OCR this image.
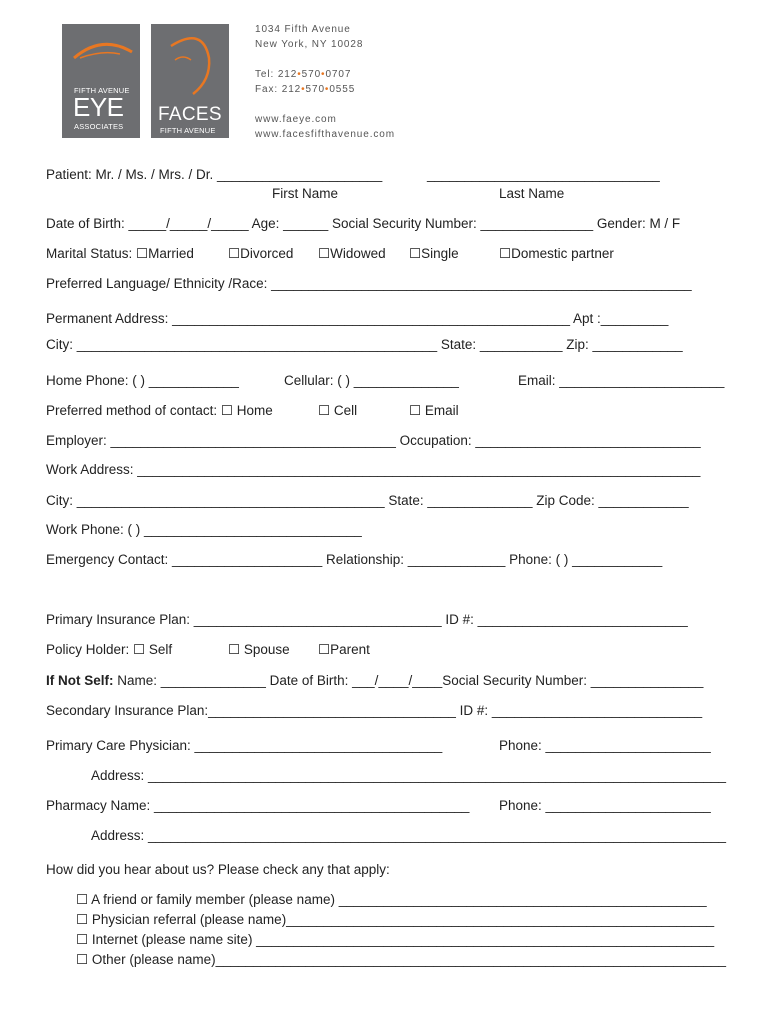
FIFTH AVENUE
EYE
ASSOCIATES
FACES
FIFTH AVENUE
1034 Fifth Avenue
New York, NY 10028
Tel: 212•570•0707
Fax: 212•570•0555
www.faeye.com
www.facesfifthavenue.com
Patient: Mr. / Ms. / Mrs. / Dr. ______________________	_______________________________
First Name	Last Name
Date of Birth: _____/_____/_____ Age: ______ Social Security Number: _______________ Gender: M / F
Marital Status: ☐Married	☐Divorced ☐Widowed ☐Single	☐Domestic partner
Preferred Language/ Ethnicity /Race: ________________________________________________________
Permanent Address: _____________________________________________________ Apt :_________
City: ________________________________________________ State: ___________ Zip: ____________
Home Phone: ( ) ____________	Cellular: ( ) ______________	Email: ______________________
Preferred method of contact: ☐ Home	☐ Cell	☐ Email
Employer: ______________________________________ Occupation: ______________________________
Work Address: ___________________________________________________________________________
City: _________________________________________ State: ______________ Zip Code: ____________
Work Phone: ( ) _____________________________
Emergency Contact: ____________________ Relationship: _____________ Phone: ( ) ____________
Primary Insurance Plan: _________________________________ ID #: ____________________________
Policy Holder: ☐ Self	☐ Spouse ☐Parent
If Not Self: Name: ______________ Date of Birth: ___/____/____Social Security Number: _______________
Secondary Insurance Plan:_________________________________ ID #: ____________________________
Primary Care Physician: _________________________________	Phone: ______________________
Address: _____________________________________________________________________________
Pharmacy Name: __________________________________________ Phone: ______________________
Address: _____________________________________________________________________________
How did you hear about us? Please check any that apply:
☐ A friend or family member (please name) _________________________________________________
☐ Physician referral (please name)_________________________________________________________
☐ Internet (please name site) _____________________________________________________________
☐ Other (please name)____________________________________________________________________
